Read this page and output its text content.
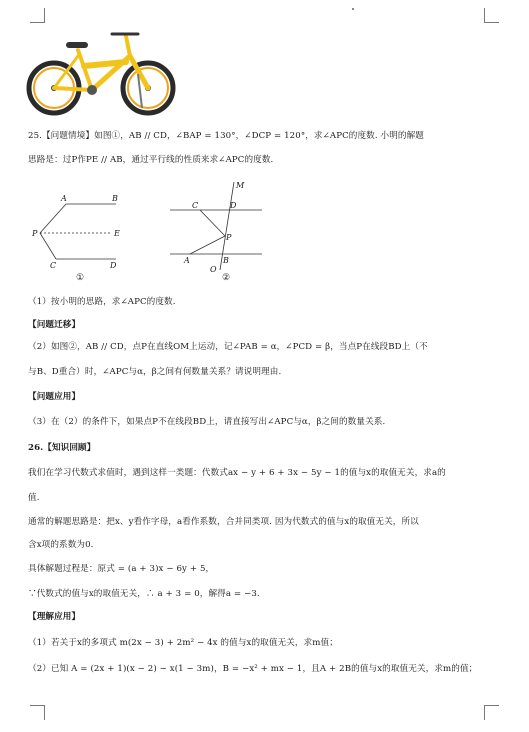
25.【问题情境】如图①，AB // CD，∠BAP = 130°，∠DCP = 120°，求∠APC的度数. 小明的解题
思路是：过P作PE // AB，通过平行线的性质来求∠APC的度数.
A	B
P	E
C	D
①
M
C	D
P
A	B
O
②
（1）按小明的思路，求∠APC的度数.
【问题迁移】
（2）如图②，AB // CD，点P在直线OM上运动，记∠PAB = α，∠PCD = β，当点P在线段BD上（不
与B、D重合）时，∠APC与α，β之间有何数量关系？请说明理由.
【问题应用】
（3）在（2）的条件下，如果点P不在线段BD上，请直接写出∠APC与α，β之间的数量关系.
26.【知识回顾】
我们在学习代数式求值时，遇到这样一类题：代数式ax − y + 6 + 3x − 5y − 1的值与x的取值无关，求a的
值.
通常的解题思路是：把x、y看作字母，a看作系数，合并同类项. 因为代数式的值与x的取值无关，所以
含x项的系数为0.
具体解题过程是：原式 = (a + 3)x − 6y + 5，
∵代数式的值与x的取值无关，∴ a + 3 = 0，解得a = −3.
【理解应用】
（1）若关于x的多项式 m(2x − 3) + 2m² − 4x 的值与x的取值无关，求m值；
（2）已知 A = (2x + 1)(x − 2) − x(1 − 3m)，B = −x² + mx − 1，且A + 2B的值与x的取值无关，求m的值；
